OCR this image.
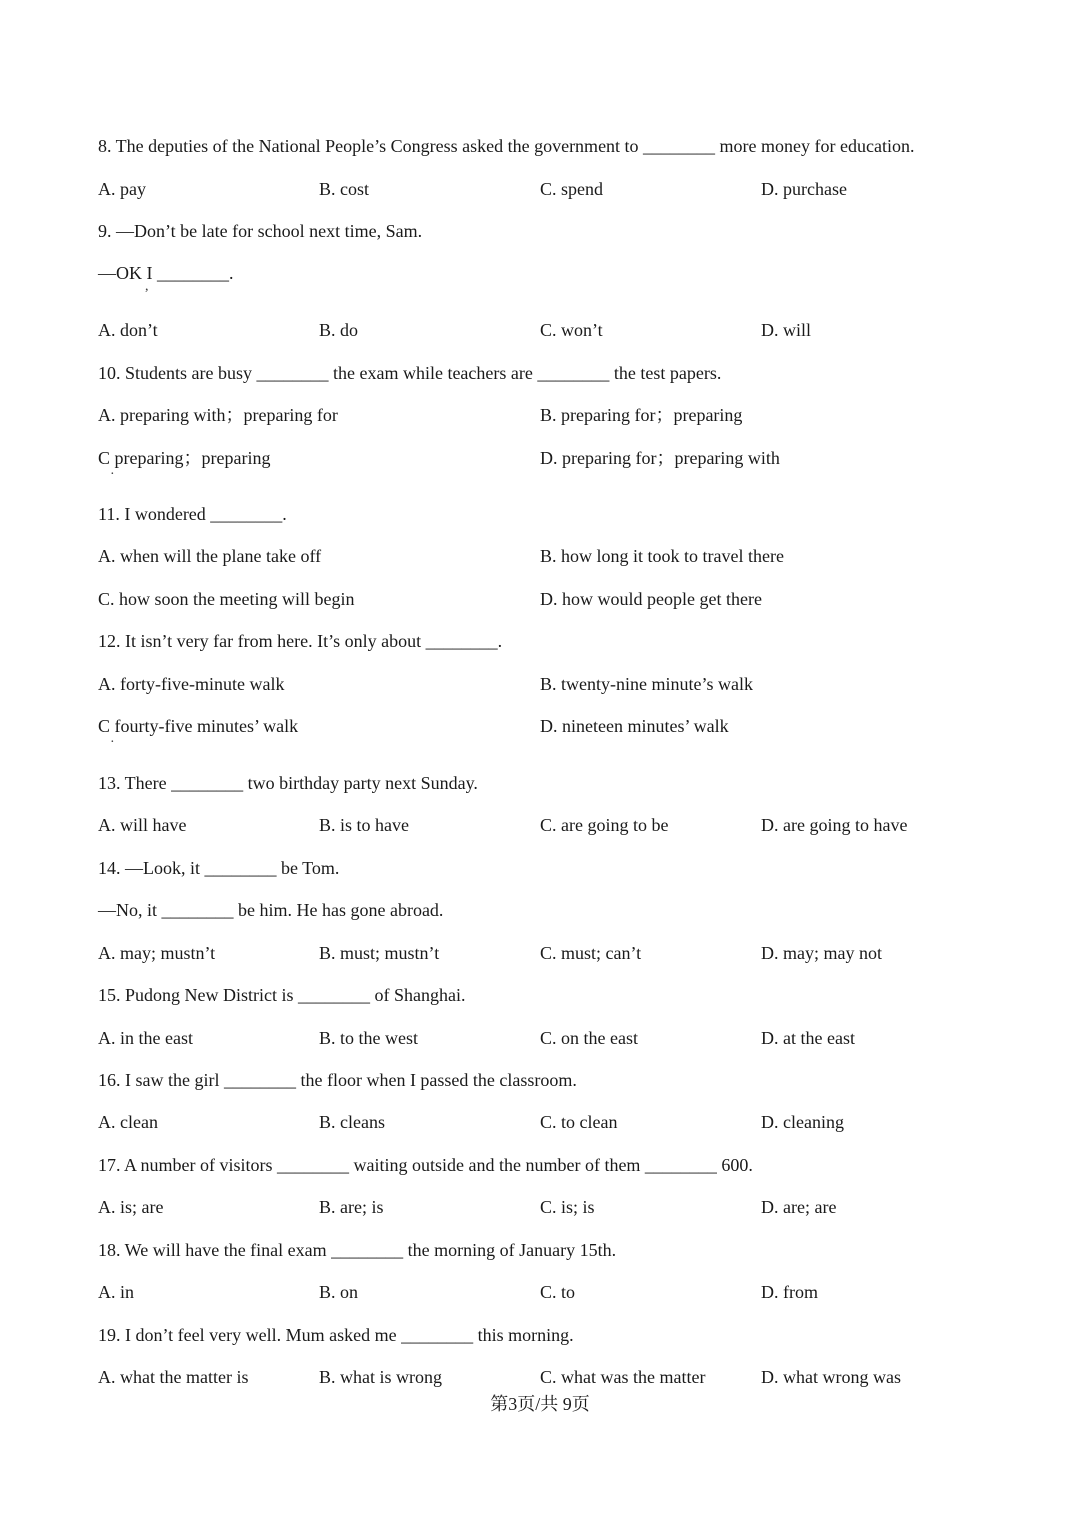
8. The deputies of the National People’s Congress asked the government to ________ more money for education.
A. pay	B. cost	C. spend	D. purchase
9. —Don’t be late for school next time, Sam.
—OK I ________.
,
A. don’t	B. do	C. won’t	D. will
10. Students are busy ________ the exam while teachers are ________ the test papers.
A. preparing with；preparing for	B. preparing for；preparing
C preparing；preparing
·
D. preparing for；preparing with
11. I wondered ________.
A. when will the plane take off	B. how long it took to travel there
C. how soon the meeting will begin	D. how would people get there
12. It isn’t very far from here. It’s only about ________.
A. forty-five-minute walk	B. twenty-nine minute’s walk
C fourty-five minutes’ walk
·
D. nineteen minutes’ walk
13. There ________ two birthday party next Sunday.
A. will have	B. is to have	C. are going to be	D. are going to have
14. —Look, it ________ be Tom.
—No, it ________ be him. He has gone abroad.
A. may; mustn’t	B. must; mustn’t	C. must; can’t	D. may; may not
15. Pudong New District is ________ of Shanghai.
A. in the east	B. to the west	C. on the east	D. at the east
16. I saw the girl ________ the floor when I passed the classroom.
A. clean	B. cleans	C. to clean	D. cleaning
17. A number of visitors ________ waiting outside and the number of them ________ 600.
A. is; are	B. are; is	C. is; is	D. are; are
18. We will have the final exam ________ the morning of January 15th.
A. in	B. on	C. to	D. from
19. I don’t feel very well. Mum asked me ________ this morning.
A. what the matter is	B. what is wrong	C. what was the matter	D. what wrong was
第3页/共 9页
